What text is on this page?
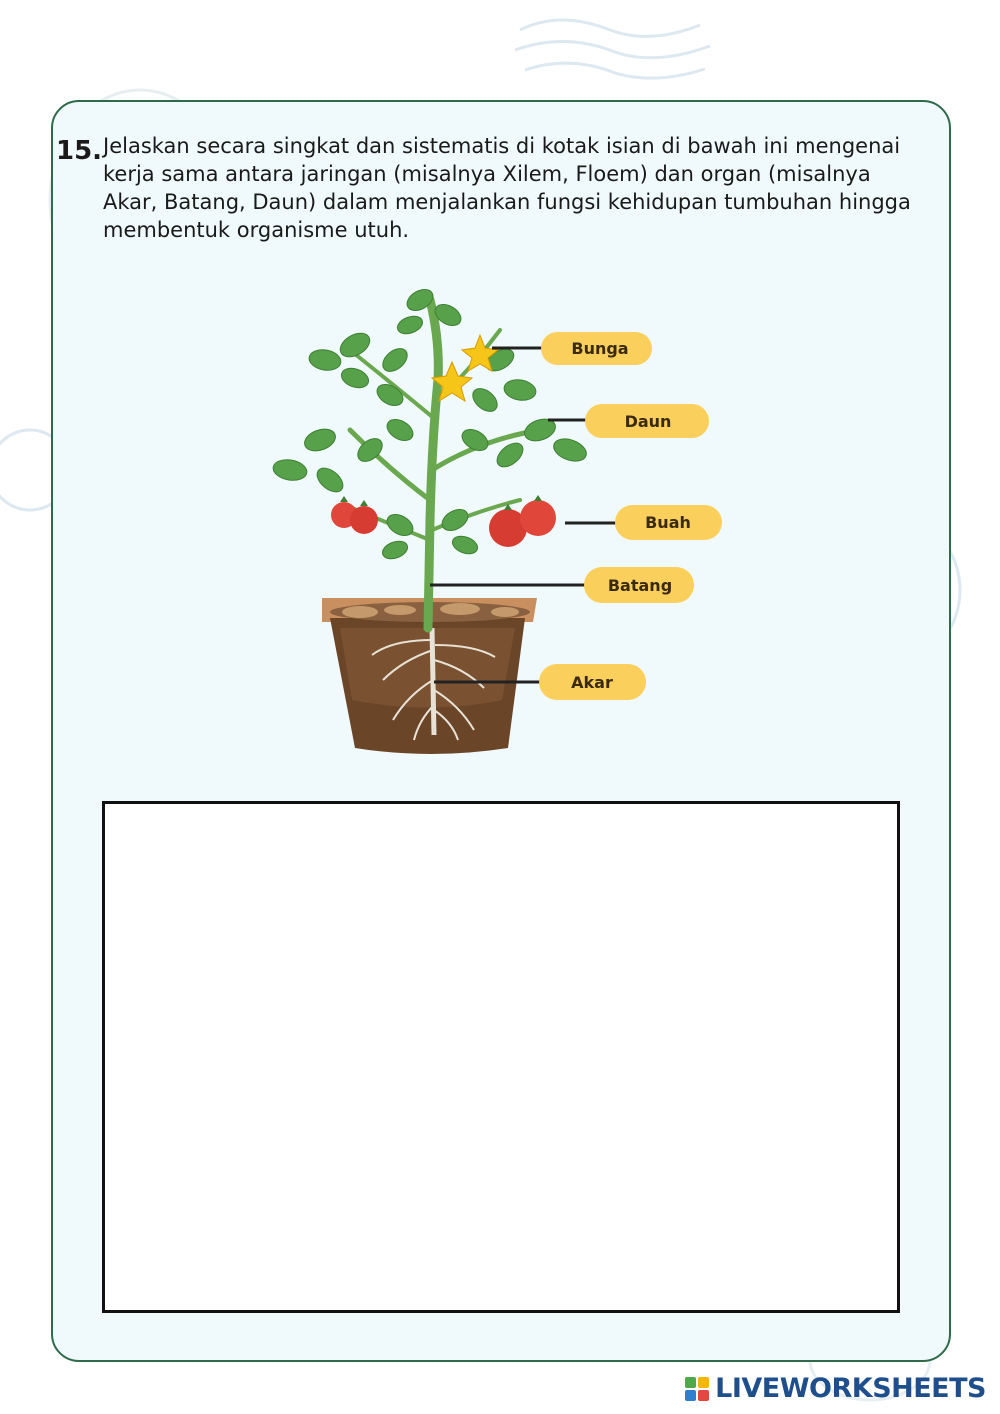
15. Jelaskan secara singkat dan sistematis di kotak isian di bawah ini mengenai kerja sama antara jaringan (misalnya Xilem, Floem) dan organ (misalnya Akar, Batang, Daun) dalam menjalankan fungsi kehidupan tumbuhan hingga membentuk organisme utuh.
Bunga
Daun
Buah
Batang
Akar
LIVEWORKSHEETS
